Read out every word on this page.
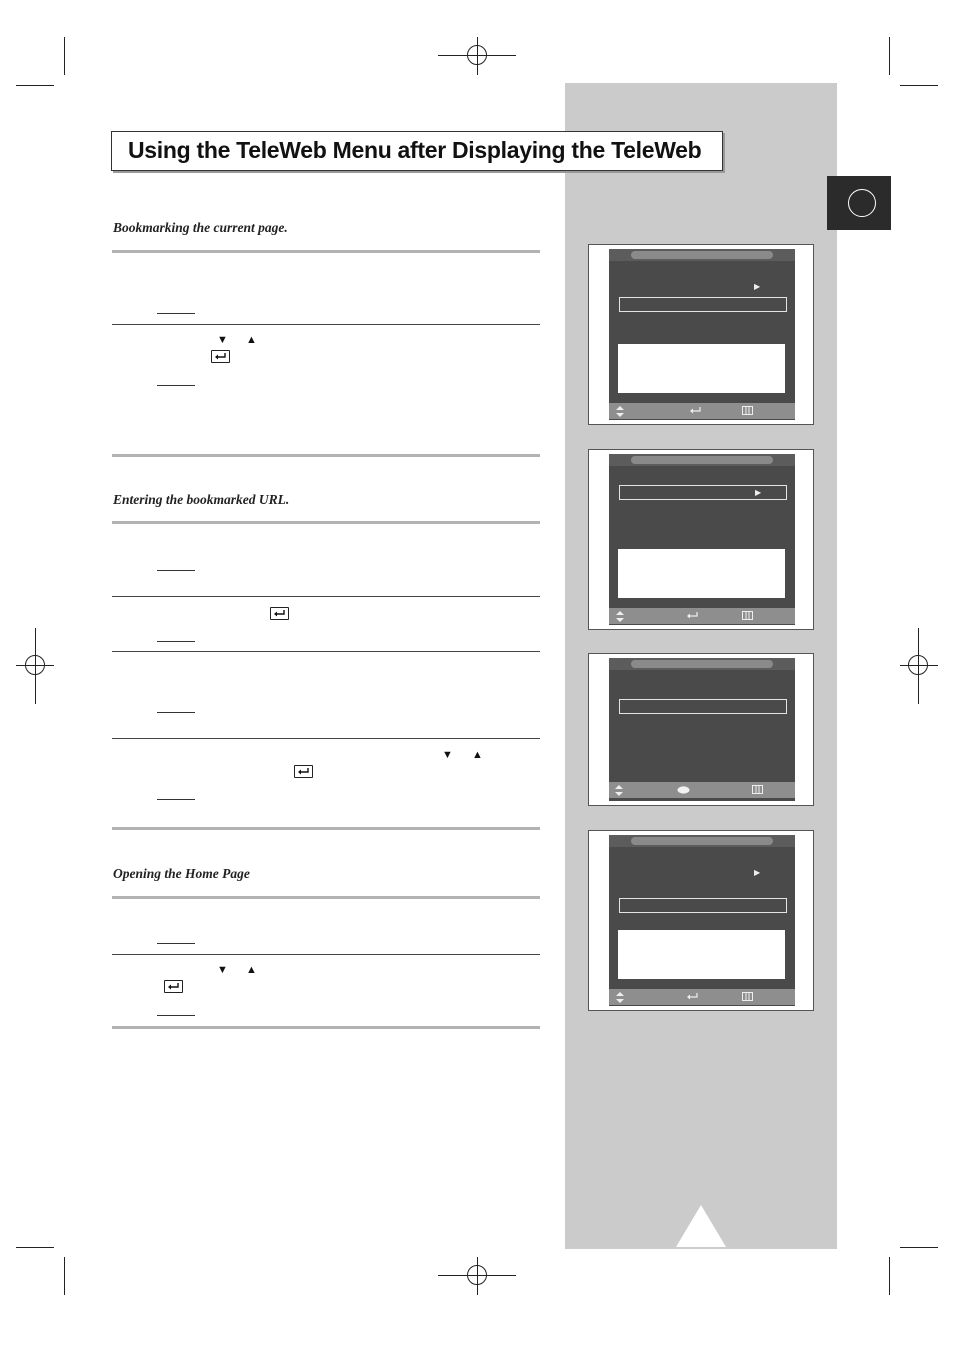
Using the TeleWeb Menu after Displaying the TeleWeb
Bookmarking the current page.
▼ ▲
Entering the bookmarked URL.
▼ ▲
Opening the Home Page
▼ ▲
▶
▶
▶
